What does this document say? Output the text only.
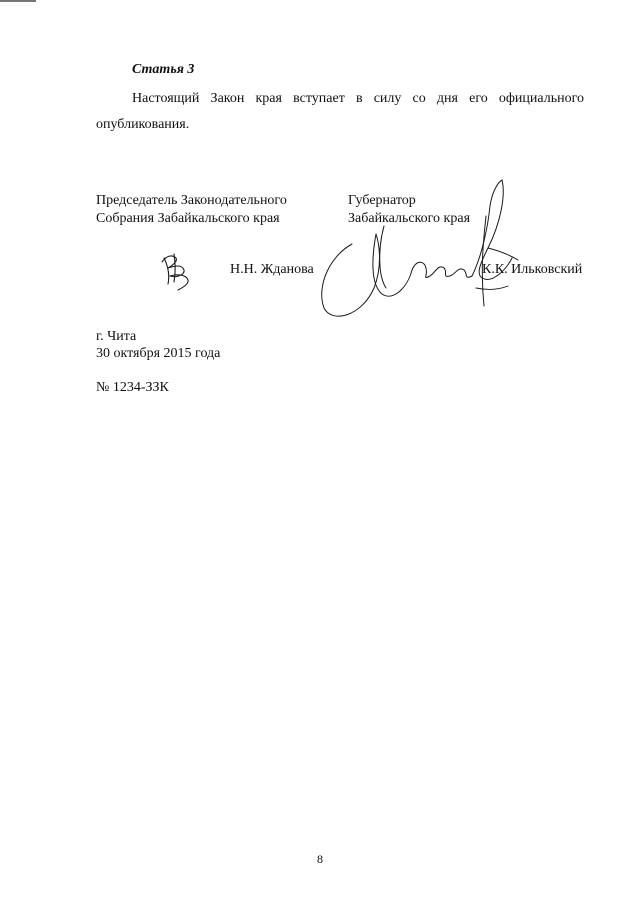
Статья 3
Настоящий Закон края вступает в силу со дня его официального опубликования.
Председатель Законодательного
Собрания Забайкальского края
Н.Н. Жданова
Губернатор
Забайкальского края
К.К. Ильковский
г. Чита
30 октября 2015 года
№ 1234-ЗЗК
8
